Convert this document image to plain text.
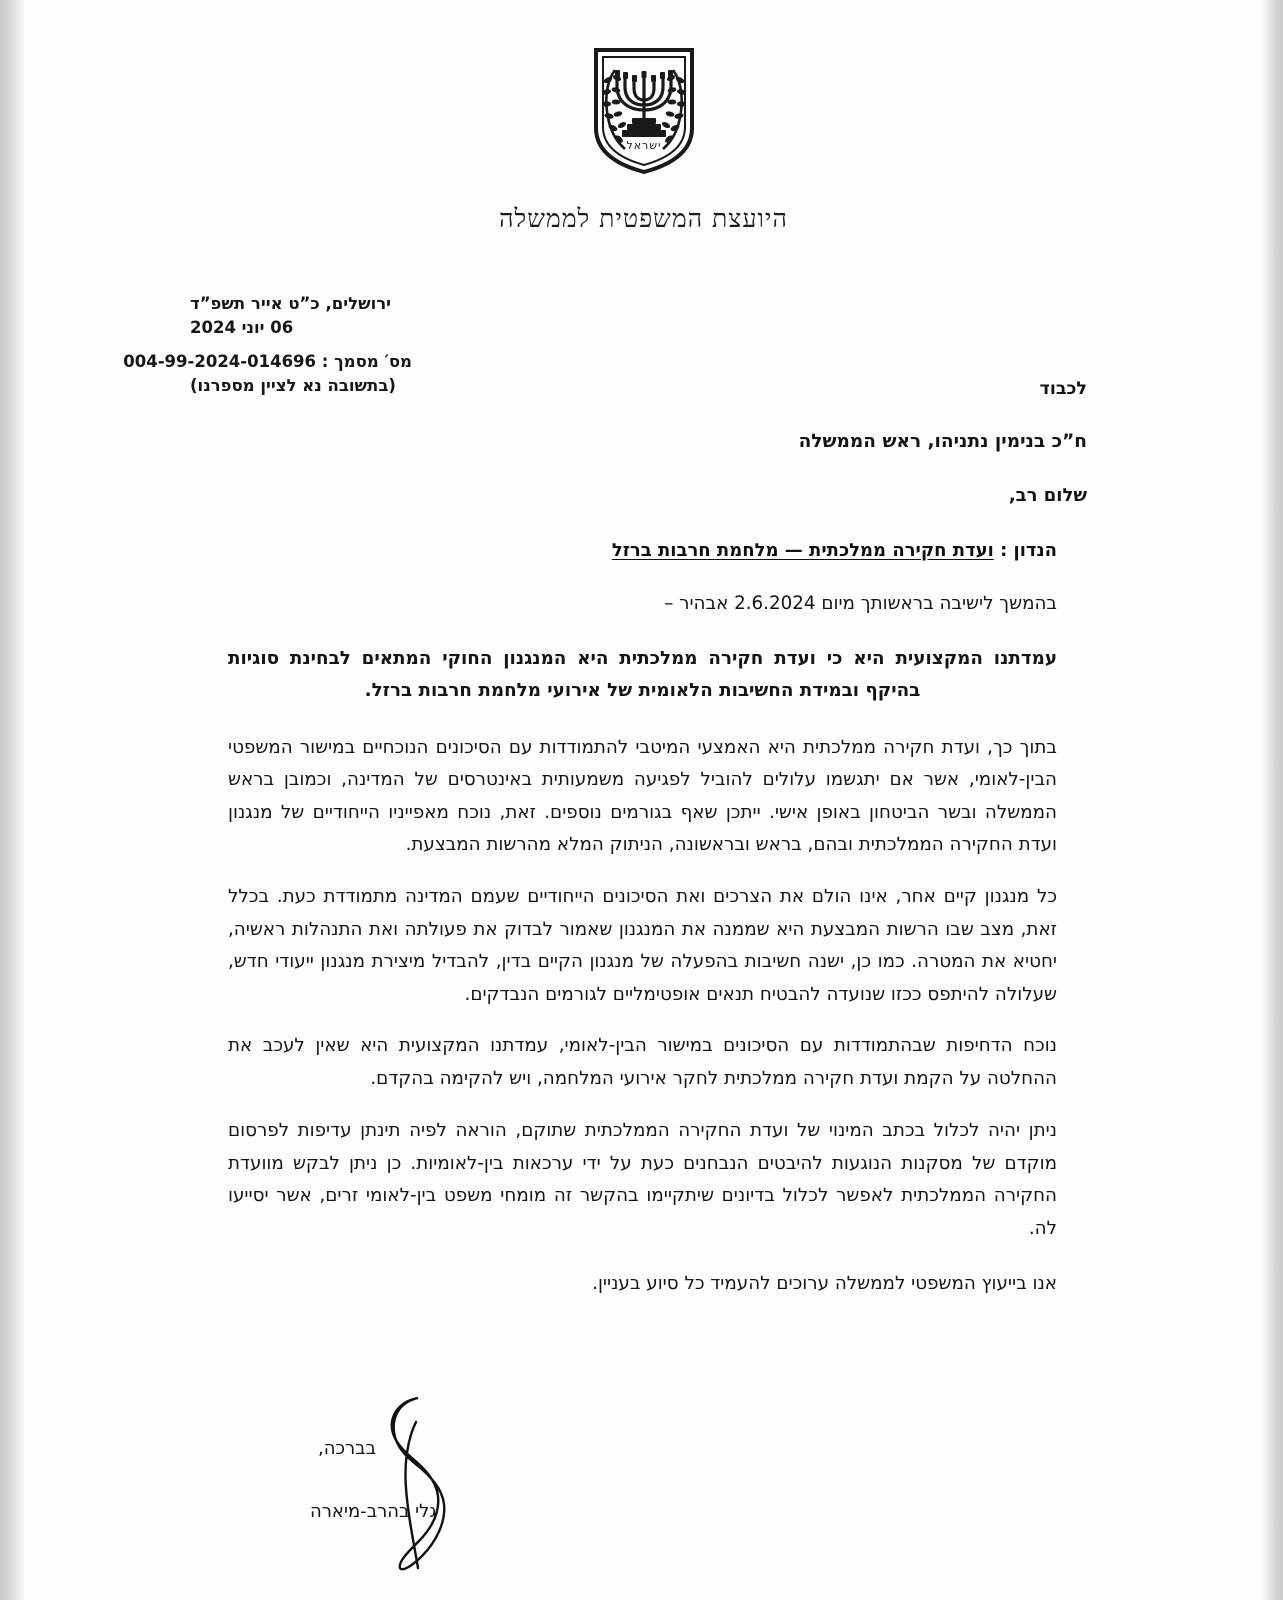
ישראל
היועצת המשפטית לממשלה
ירושלים, כ”ט אייר תשפ”ד
06 יוני 2024
מס′ מסמך : 004-99-2024-014696
(בתשובה נא לציין מספרנו)	לכבוד
ח”כ בנימין נתניהו, ראש הממשלה
שלום רב,
הנדון : ועדת חקירה ממלכתית — מלחמת חרבות ברזל

בהמשך לישיבה בראשותך מיום 2.6.2024 אבהיר –

עמדתנו המקצועית היא כי ועדת חקירה ממלכתית היא המנגנון החוקי המתאים לבחינת סוגיות בהיקף ובמידת החשיבות הלאומית של אירועי מלחמת חרבות ברזל.

בתוך כך, ועדת חקירה ממלכתית היא האמצעי המיטבי להתמודדות עם הסיכונים הנוכחיים במישור המשפטי הבין-לאומי, אשר אם יתגשמו עלולים להוביל לפגיעה משמעותית באינטרסים של המדינה, וכמובן בראש הממשלה ובשר הביטחון באופן אישי. ייתכן שאף בגורמים נוספים. זאת, נוכח מאפייניו הייחודיים של מנגנון ועדת החקירה הממלכתית ובהם, בראש ובראשונה, הניתוק המלא מהרשות המבצעת.

כל מנגנון קיים אחר, אינו הולם את הצרכים ואת הסיכונים הייחודיים שעמם המדינה מתמודדת כעת. בכלל זאת, מצב שבו הרשות המבצעת היא שממנה את המנגנון שאמור לבדוק את פעולתה ואת התנהלות ראשיה, יחטיא את המטרה. כמו כן, ישנה חשיבות בהפעלה של מנגנון הקיים בדין, להבדיל מיצירת מנגנון ייעודי חדש, שעלולה להיתפס ככזו שנועדה להבטיח תנאים אופטימליים לגורמים הנבדקים.

נוכח הדחיפות שבהתמודדות עם הסיכונים במישור הבין-לאומי, עמדתנו המקצועית היא שאין לעכב את ההחלטה על הקמת ועדת חקירה ממלכתית לחקר אירועי המלחמה, ויש להקימה בהקדם.

ניתן יהיה לכלול בכתב המינוי של ועדת החקירה הממלכתית שתוקם, הוראה לפיה תינתן עדיפות לפרסום מוקדם של מסקנות הנוגעות להיבטים הנבחנים כעת על ידי ערכאות בין-לאומיות. כן ניתן לבקש מוועדת החקירה הממלכתית לאפשר לכלול בדיונים שיתקיימו בהקשר זה מומחי משפט בין-לאומי זרים, אשר יסייעו לה.

אנו בייעוץ המשפטי לממשלה ערוכים להעמיד כל סיוע בעניין.

בברכה,
גלי בהרב-מיארה
